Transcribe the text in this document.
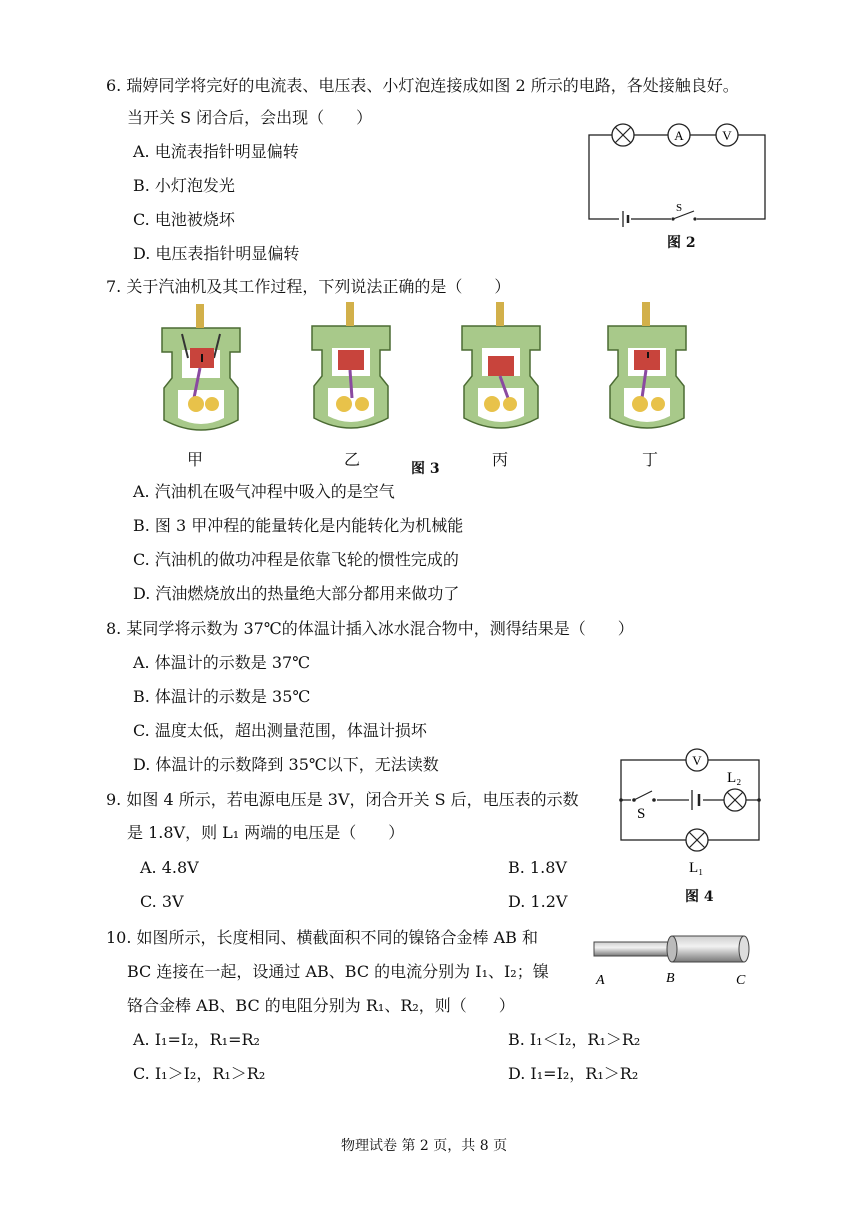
6. 瑞婷同学将完好的电流表、电压表、小灯泡连接成如图 2 所示的电路，各处接触良好。
当开关 S 闭合后，会出现（　　）
A. 电流表指针明显偏转
B. 小灯泡发光
C. 电池被烧坏
D. 电压表指针明显偏转
A	V
S
图 2
7. 关于汽油机及其工作过程，下列说法正确的是（　　）
甲	乙	图 3	丙	丁
A. 汽油机在吸气冲程中吸入的是空气
B. 图 3 甲冲程的能量转化是内能转化为机械能
C. 汽油机的做功冲程是依靠飞轮的惯性完成的
D. 汽油燃烧放出的热量绝大部分都用来做功了
8. 某同学将示数为 37℃的体温计插入冰水混合物中，测得结果是（　　）
A. 体温计的示数是 37℃
B. 体温计的示数是 35℃
C. 温度太低，超出测量范围，体温计损坏
D. 体温计的示数降到 35℃以下，无法读数
9. 如图 4 所示，若电源电压是 3V，闭合开关 S 后，电压表的示数
是 1.8V，则 L₁ 两端的电压是（　　）
A. 4.8V	B. 1.8V
C. 3V	D. 1.2V
V
S
L₂
L₁
图 4
10. 如图所示，长度相同、横截面积不同的镍铬合金棒 AB 和
BC 连接在一起，设通过 AB、BC 的电流分别为 I₁、I₂；镍
铬合金棒 AB、BC 的电阻分别为 R₁、R₂，则（　　）
A	B	C
A. I₁=I₂，R₁=R₂	B. I₁＜I₂，R₁＞R₂
C. I₁＞I₂，R₁＞R₂	D. I₁=I₂，R₁＞R₂
物理试卷 第 2 页，共 8 页
